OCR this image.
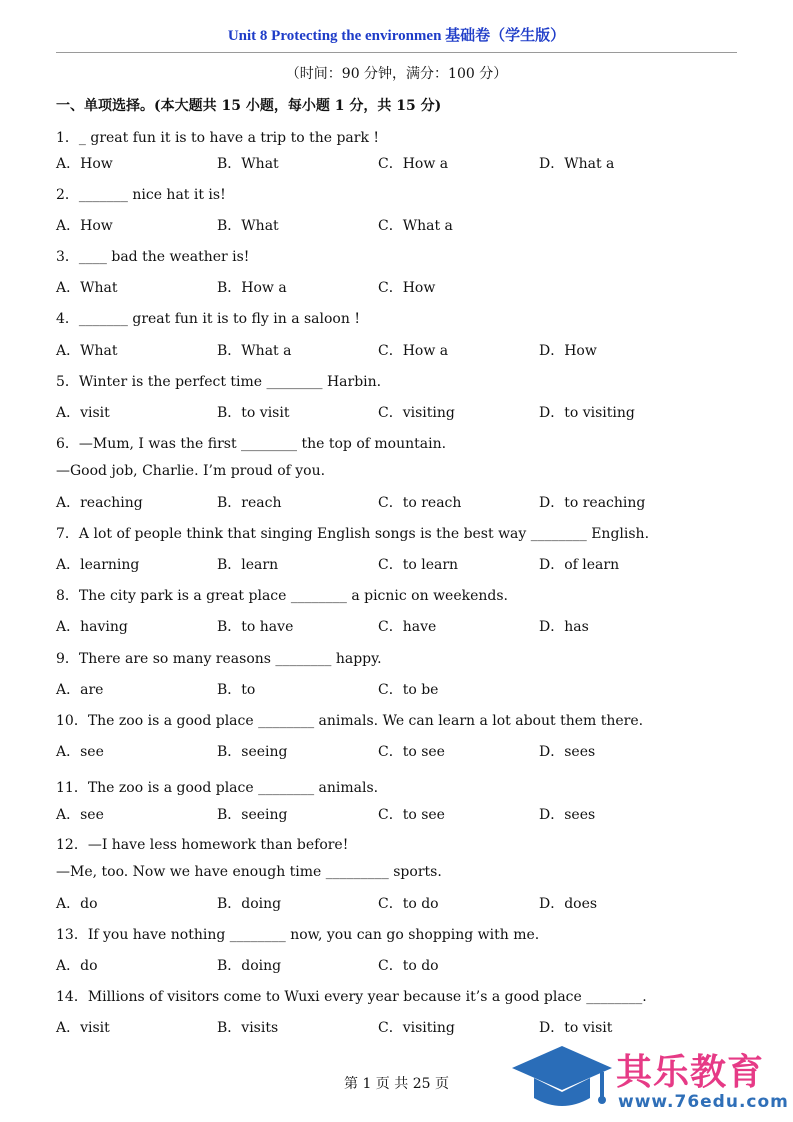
Unit 8 Protecting the environmen 基础卷（学生版）
（时间：90 分钟，满分：100 分）
一、单项选择。(本大题共 15 小题，每小题 1 分，共 15 分)
1．_ great fun it is to have a trip to the park !
A．How	B．What	C．How a	D．What a
2．_______ nice hat it is!
A．How	B．What	C．What a
3．____ bad the weather is!
A．What	B．How a	C．How
4．_______ great fun it is to fly in a saloon !
A．What	B．What a	C．How a	D．How
5．Winter is the perfect time ________ Harbin.
A．visit	B．to visit	C．visiting	D．to visiting
6．—Mum, I was the first ________ the top of mountain.
—Good job, Charlie. I’m proud of you.
A．reaching	B．reach	C．to reach	D．to reaching
7．A lot of people think that singing English songs is the best way ________ English.
A．learning	B．learn	C．to learn	D．of learn
8．The city park is a great place ________ a picnic on weekends.
A．having	B．to have	C．have	D．has
9．There are so many reasons ________ happy.
A．are	B．to	C．to be
10．The zoo is a good place ________ animals. We can learn a lot about them there.
A．see	B．seeing	C．to see	D．sees
11．The zoo is a good place ________ animals.
A．see	B．seeing	C．to see	D．sees
12．—I have less homework than before!
—Me, too. Now we have enough time _________ sports.
A．do	B．doing	C．to do	D．does
13．If you have nothing ________ now, you can go shopping with me.
A．do	B．doing	C．to do
14．Millions of visitors come to Wuxi every year because it’s a good place ________.
A．visit	B．visits	C．visiting	D．to visit
第 1 页 共 25 页	其乐教育
www.76edu.com
